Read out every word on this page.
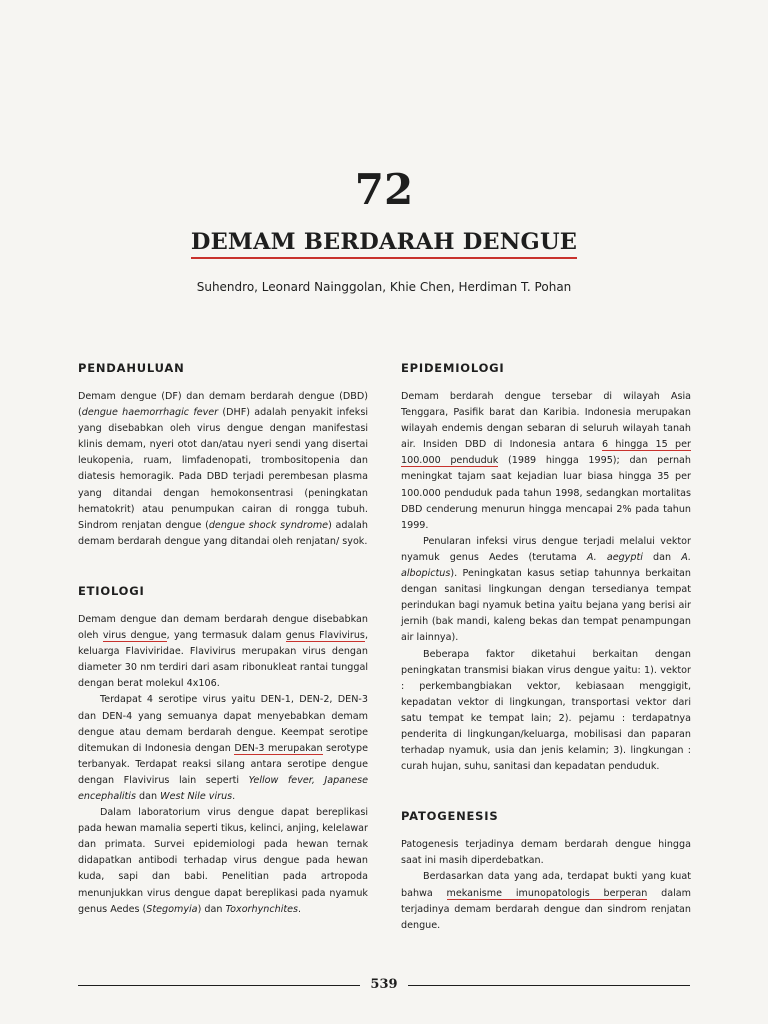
72
DEMAM BERDARAH DENGUE
Suhendro, Leonard Nainggolan, Khie Chen, Herdiman T. Pohan
PENDAHULUAN

Demam dengue (DF) dan demam berdarah dengue (DBD) (dengue haemorrhagic fever (DHF) adalah penyakit infeksi yang disebabkan oleh virus dengue dengan manifestasi klinis demam, nyeri otot dan/atau nyeri sendi yang disertai leukopenia, ruam, limfadenopati, trombositopenia dan diatesis hemoragik. Pada DBD terjadi perembesan plasma yang ditandai dengan hemokonsentrasi (peningkatan hematokrit) atau penumpukan cairan di rongga tubuh. Sindrom renjatan dengue (dengue shock syndrome) adalah demam berdarah dengue yang ditandai oleh renjatan/ syok.

ETIOLOGI

Demam dengue dan demam berdarah dengue disebabkan oleh virus dengue, yang termasuk dalam genus Flavivirus, keluarga Flaviviridae. Flavivirus merupakan virus dengan diameter 30 nm terdiri dari asam ribonukleat rantai tunggal dengan berat molekul 4x106.

Terdapat 4 serotipe virus yaitu DEN-1, DEN-2, DEN-3 dan DEN-4 yang semuanya dapat menyebabkan demam dengue atau demam berdarah dengue. Keempat serotipe ditemukan di Indonesia dengan DEN-3 merupakan serotype terbanyak. Terdapat reaksi silang antara serotipe dengue dengan Flavivirus lain seperti Yellow fever, Japanese encephalitis dan West Nile virus.

Dalam laboratorium virus dengue dapat bereplikasi pada hewan mamalia seperti tikus, kelinci, anjing, kelelawar dan primata. Survei epidemiologi pada hewan ternak didapatkan antibodi terhadap virus dengue pada hewan kuda, sapi dan babi. Penelitian pada artropoda menunjukkan virus dengue dapat bereplikasi pada nyamuk genus Aedes (Stegomyia) dan Toxorhynchites.

EPIDEMIOLOGI

Demam berdarah dengue tersebar di wilayah Asia Tenggara, Pasifik barat dan Karibia. Indonesia merupakan wilayah endemis dengan sebaran di seluruh wilayah tanah air. Insiden DBD di Indonesia antara 6 hingga 15 per 100.000 penduduk (1989 hingga 1995); dan pernah meningkat tajam saat kejadian luar biasa hingga 35 per 100.000 penduduk pada tahun 1998, sedangkan mortalitas DBD cenderung menurun hingga mencapai 2% pada tahun 1999.

Penularan infeksi virus dengue terjadi melalui vektor nyamuk genus Aedes (terutama A. aegypti dan A. albopictus). Peningkatan kasus setiap tahunnya berkaitan dengan sanitasi lingkungan dengan tersedianya tempat perindukan bagi nyamuk betina yaitu bejana yang berisi air jernih (bak mandi, kaleng bekas dan tempat penampungan air lainnya).

Beberapa faktor diketahui berkaitan dengan peningkatan transmisi biakan virus dengue yaitu: 1). vektor : perkembangbiakan vektor, kebiasaan menggigit, kepadatan vektor di lingkungan, transportasi vektor dari satu tempat ke tempat lain; 2). pejamu : terdapatnya penderita di lingkungan/keluarga, mobilisasi dan paparan terhadap nyamuk, usia dan jenis kelamin; 3). lingkungan : curah hujan, suhu, sanitasi dan kepadatan penduduk.

PATOGENESIS

Patogenesis terjadinya demam berdarah dengue hingga saat ini masih diperdebatkan.

Berdasarkan data yang ada, terdapat bukti yang kuat bahwa mekanisme imunopatologis berperan dalam terjadinya demam berdarah dengue dan sindrom renjatan dengue.

539
